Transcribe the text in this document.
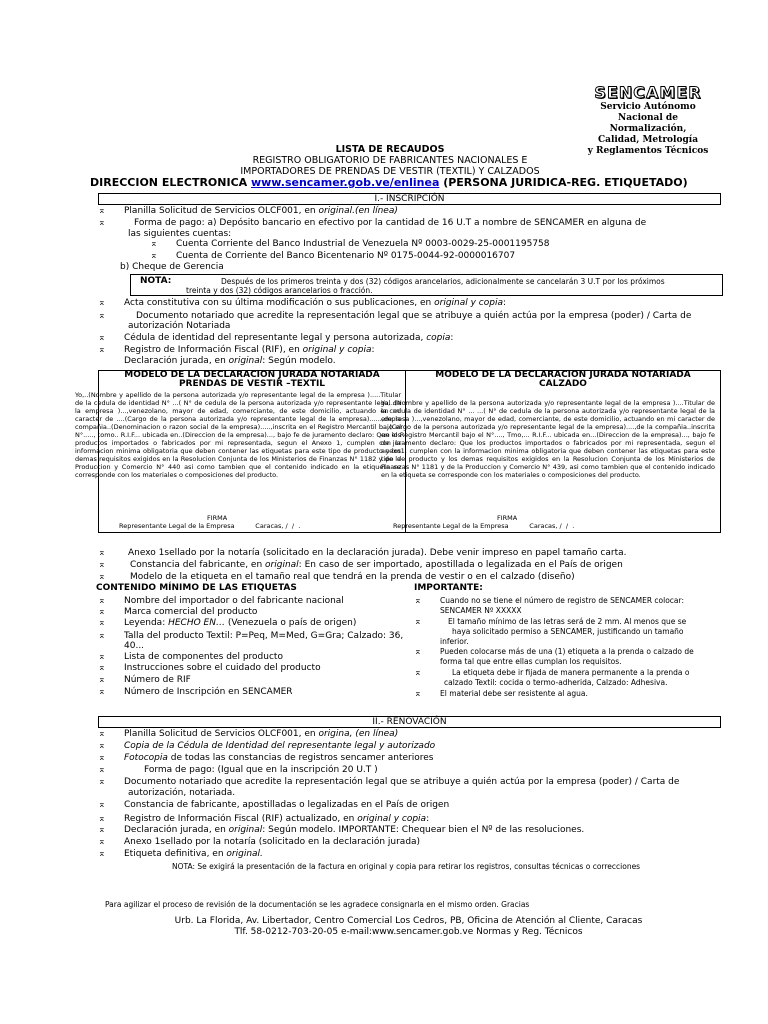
SENCAMER
Servicio Autónomo
Nacional de Normalización,
Calidad, Metrología
y Reglamentos Técnicos
LISTA DE RECAUDOS
REGISTRO OBLIGATORIO DE FABRICANTES NACIONALES E
IMPORTADORES DE PRENDAS DE VESTIR (TEXTIL) Y CALZADOS
DIRECCION ELECTRONICA www.sencamer.gob.ve/enlinea (PERSONA JURIDICA-REG. ETIQUETADO)
I.- INSCRIPCIÓN
⌅ Planilla Solicitud de Servicios OLCF001, en original.(en línea)
⌅	Forma de pago: a) Depósito bancario en efectivo por la cantidad de 16 U.T a nombre de SENCAMER en alguna de
las siguientes cuentas:
⌅ Cuenta Corriente del Banco Industrial de Venezuela Nº 0003-0029-25-0001195758
⌅ Cuenta de Corriente del Banco Bicentenario Nº 0175-0044-92-0000016707
b) Cheque de Gerencia
NOTA:	Después de los primeros treinta y dos (32) códigos arancelarios, adicionalmente se cancelarán 3 U.T por los próximos
treinta y dos (32) códigos arancelarios o fracción.
⌅ Acta constitutiva con su última modificación o sus publicaciones, en original y copia:
⌅	Documento notariado que acredite la representación legal que se atribuye a quién actúa por la empresa (poder) / Carta de
autorización Notariada
⌅ Cédula de identidad del representante legal y persona autorizada, copia:
⌅ Registro de Información Fiscal (RIF), en original y copia:
Declaración jurada, en original: Según modelo.
MODELO DE LA DECLARACION JURADA NOTARIADA
PRENDAS DE VESTIR –TEXTIL
MODELO DE LA DECLARACION JURADA NOTARIADA
CALZADO
Yo,..(Nombre y apellido de la persona autorizada y/o representante legal de la empresa ).....Titular de la cedula de identidad N° ...( N° de cedula de la persona autorizada y/o representante legal de la empresa )...,venezolano, mayor de edad, comerciante, de este domicilio, actuando en mi caracter de ....(Cargo de la persona autorizada y/o representante legal de la empresa)......,de la compañia..(Denominacion o razon social de la empresa).....,inscrita en el Registro Mercantil bajo el N°....., tomo.. R.I.F... ubicada en..(Direccion de la empresa)..., bajo fe de juramento declaro: Que los productos importados o fabricados por mi representada, segun el Anexo 1, cumplen con la informacion minima obligatoria que deben contener las etiquetas para este tipo de producto y los demas requisitos exigidos en la Resolucion Conjunta de los Ministerios de Finanzas N° 1182 y de la Produccion y Comercio N° 440 asi como tambien que el contenido indicado en la etiqueta se corresponde con los materiales o composiciones del producto.
Yo,..(Nombre y apellido de la persona autorizada y/o representante legal de la empresa )....Titular de la cedula de identidad N° ... ...( N° de cedula de la persona autorizada y/o representante legal de la empresa )...,venezolano, mayor de edad, comerciante, de este domicilio, actuando en mi caracter de ....(Cargo de la persona autorizada y/o representante legal de la empresa)....,de la compañia..inscrita en el Registro Mercantil bajo el N°...., Tmo,... R.I.F... ubicada en...(Direccion de la empresa)..., bajo fe de juramento declaro: Que los productos importados o fabricados por mi representada, segun el anexo1, cumplen con la informacion minima obligatoria que deben contener las etiquetas para este tipo de producto y los demas requisitos exigidos en la Resolucion Conjunta de los Ministerios de Finanzas N° 1181 y de la Produccion y Comercio N° 439, asi como tambien que el contenido indicado en la etiqueta se corresponde con los materiales o composiciones del producto.
FIRMA
Representante Legal de la Empresa          Caracas, /  /  .
FIRMA
Representante Legal de la Empresa          Caracas, /  /  .
⌅ Anexo 1sellado por la notaría (solicitado en la declaración jurada). Debe venir impreso en papel tamaño carta.
⌅	Constancia del fabricante, en original: En caso de ser importado, apostillada o legalizada en el País de origen
⌅	Modelo de la etiqueta en el tamaño real que tendrá en la prenda de vestir o en el calzado (diseño)
CONTENIDO MÍNIMO DE LAS ETIQUETAS
⌅ Nombre del importador o del fabricante nacional
⌅ Marca comercial del producto
⌅ Leyenda: HECHO EN… (Venezuela o país de origen)
⌅ Talla del producto Textil: P=Peq, M=Med, G=Gra; Calzado: 36,
40...
⌅ Lista de componentes del producto
⌅ Instrucciones sobre el cuidado del producto
⌅ Número de RIF
⌅ Número de Inscripción en SENCAMER
IMPORTANTE:
⌅ Cuando no se tiene el número de registro de SENCAMER colocar:
SENCAMER Nº XXXXX
⌅	El tamaño mínimo de las letras será de 2 mm. Al menos que se
haya solicitado permiso a SENCAMER, justificando un tamaño
inferior.
⌅ Pueden colocarse más de una (1) etiqueta a la prenda o calzado de
forma tal que entre ellas cumplan los requisitos.
⌅	La etiqueta debe ir fijada de manera permanente a la prenda o
calzado Textil: cocida o termo-adherida, Calzado: Adhesiva.
⌅ El material debe ser resistente al agua.
II.- RENOVACIÓN
⌅ Planilla Solicitud de Servicios OLCF001, en origina, (en línea)
⌅ Copia de la Cédula de Identidad del representante legal y autorizado
⌅ Fotocopia de todas las constancias de registros sencamer anteriores
⌅	Forma de pago: (Igual que en la inscripción 20 U.T )
⌅ Documento notariado que acredite la representación legal que se atribuye a quién actúa por la empresa (poder) / Carta de
autorización, notariada.
⌅ Constancia de fabricante, apostilladas o legalizadas en el País de origen
⌅ Registro de Información Fiscal (RIF) actualizado, en original y copia:
⌅ Declaración jurada, en original: Según modelo. IMPORTANTE: Chequear bien el Nº de las resoluciones.
⌅ Anexo 1sellado por la notaría (solicitado en la declaración jurada)
⌅ Etiqueta definitiva, en original.
NOTA: Se exigirá la presentación de la factura en original y copia para retirar los registros, consultas técnicas o correcciones
Para agilizar el proceso de revisión de la documentación se les agradece consignarla en el mismo orden. Gracias
Urb. La Florida, Av. Libertador, Centro Comercial Los Cedros, PB, Oficina de Atención al Cliente, Caracas
Tlf. 58-0212-703-20-05 e-mail:www.sencamer.gob.ve Normas y Reg. Técnicos
